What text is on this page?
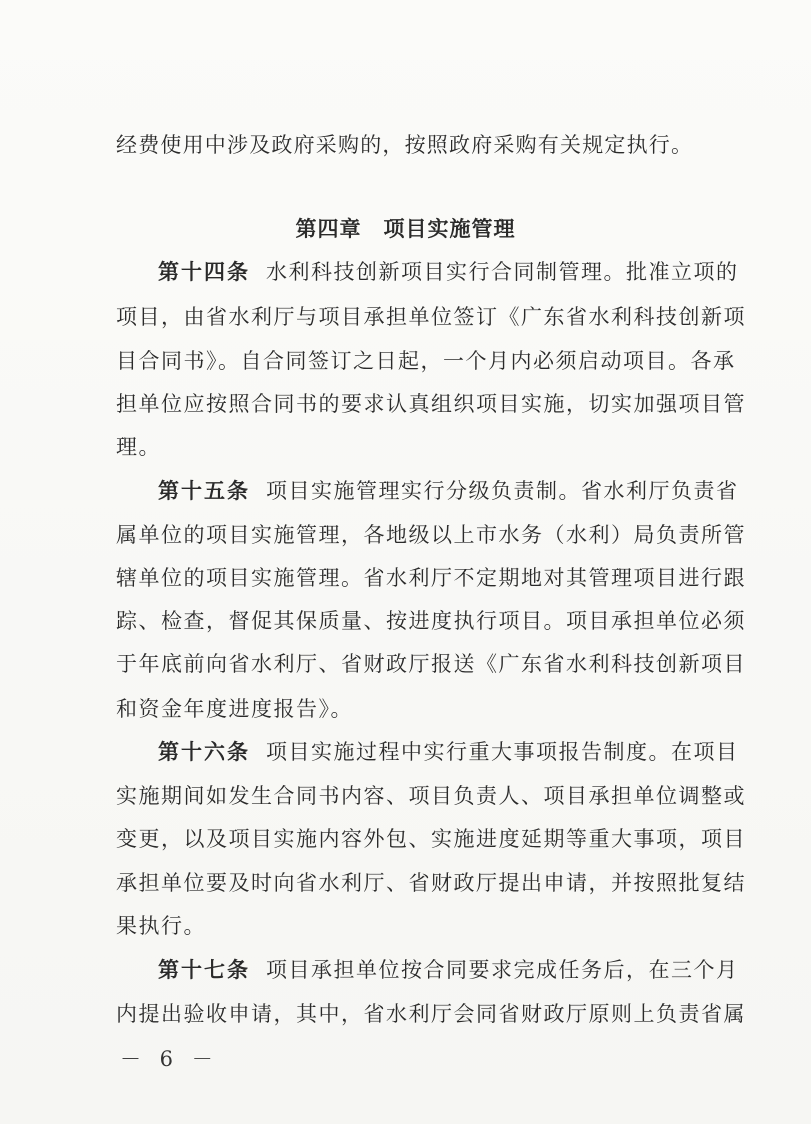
经费使用中涉及政府采购的，按照政府采购有关规定执行。
第四章　项目实施管理
第十四条 水利科技创新项目实行合同制管理。批准立项的
项目，由省水利厅与项目承担单位签订《广东省水利科技创新项
目合同书》。自合同签订之日起，一个月内必须启动项目。各承
担单位应按照合同书的要求认真组织项目实施，切实加强项目管
理。
第十五条 项目实施管理实行分级负责制。省水利厅负责省
属单位的项目实施管理，各地级以上市水务（水利）局负责所管
辖单位的项目实施管理。省水利厅不定期地对其管理项目进行跟
踪、检查，督促其保质量、按进度执行项目。项目承担单位必须
于年底前向省水利厅、省财政厅报送《广东省水利科技创新项目
和资金年度进度报告》。
第十六条 项目实施过程中实行重大事项报告制度。在项目
实施期间如发生合同书内容、项目负责人、项目承担单位调整或
变更，以及项目实施内容外包、实施进度延期等重大事项，项目
承担单位要及时向省水利厅、省财政厅提出申请，并按照批复结
果执行。
第十七条 项目承担单位按合同要求完成任务后，在三个月
内提出验收申请，其中，省水利厅会同省财政厅原则上负责省属
－ 6 －
